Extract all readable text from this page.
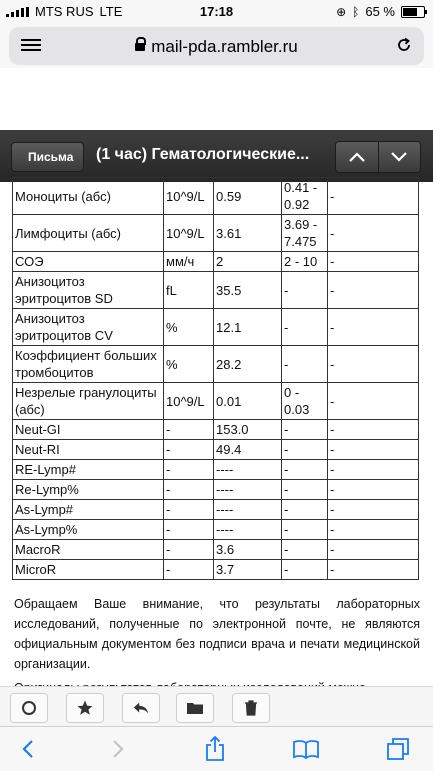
MTS RUS LTE	17:18	⊕ ᛒ 65 %
mail-pda.rambler.ru
Письма	(1 час) Гематологические...
Моноциты (абс)	10^9/L	0.59	0.41 - 0.92	-
Лимфоциты (абс)	10^9/L	3.61	3.69 - 7.475	-
СОЭ	мм/ч	2	2 - 10	-
Анизоцитоз эритроцитов SD	fL	35.5	-	-
Анизоцитоз эритроцитов CV	%	12.1	-	-
Коэффициент больших тромбоцитов	%	28.2	-	-
Незрелые гранулоциты (абс)	10^9/L	0.01	0 - 0.03	-
Neut-GI	-	153.0	-	-
Neut-RI	-	49.4	-	-
RE-Lymp#	-	----	-	-
Re-Lymp%	-	----	-	-
As-Lymp#	-	----	-	-
As-Lymp%	-	----	-	-
MacroR	-	3.6	-	-
MicroR	-	3.7	-	-

Обращаем Ваше внимание, что результаты лабораторных исследований, полученные по электронной почте, не являются официальным документом без подписи врача и печати медицинской организации.
